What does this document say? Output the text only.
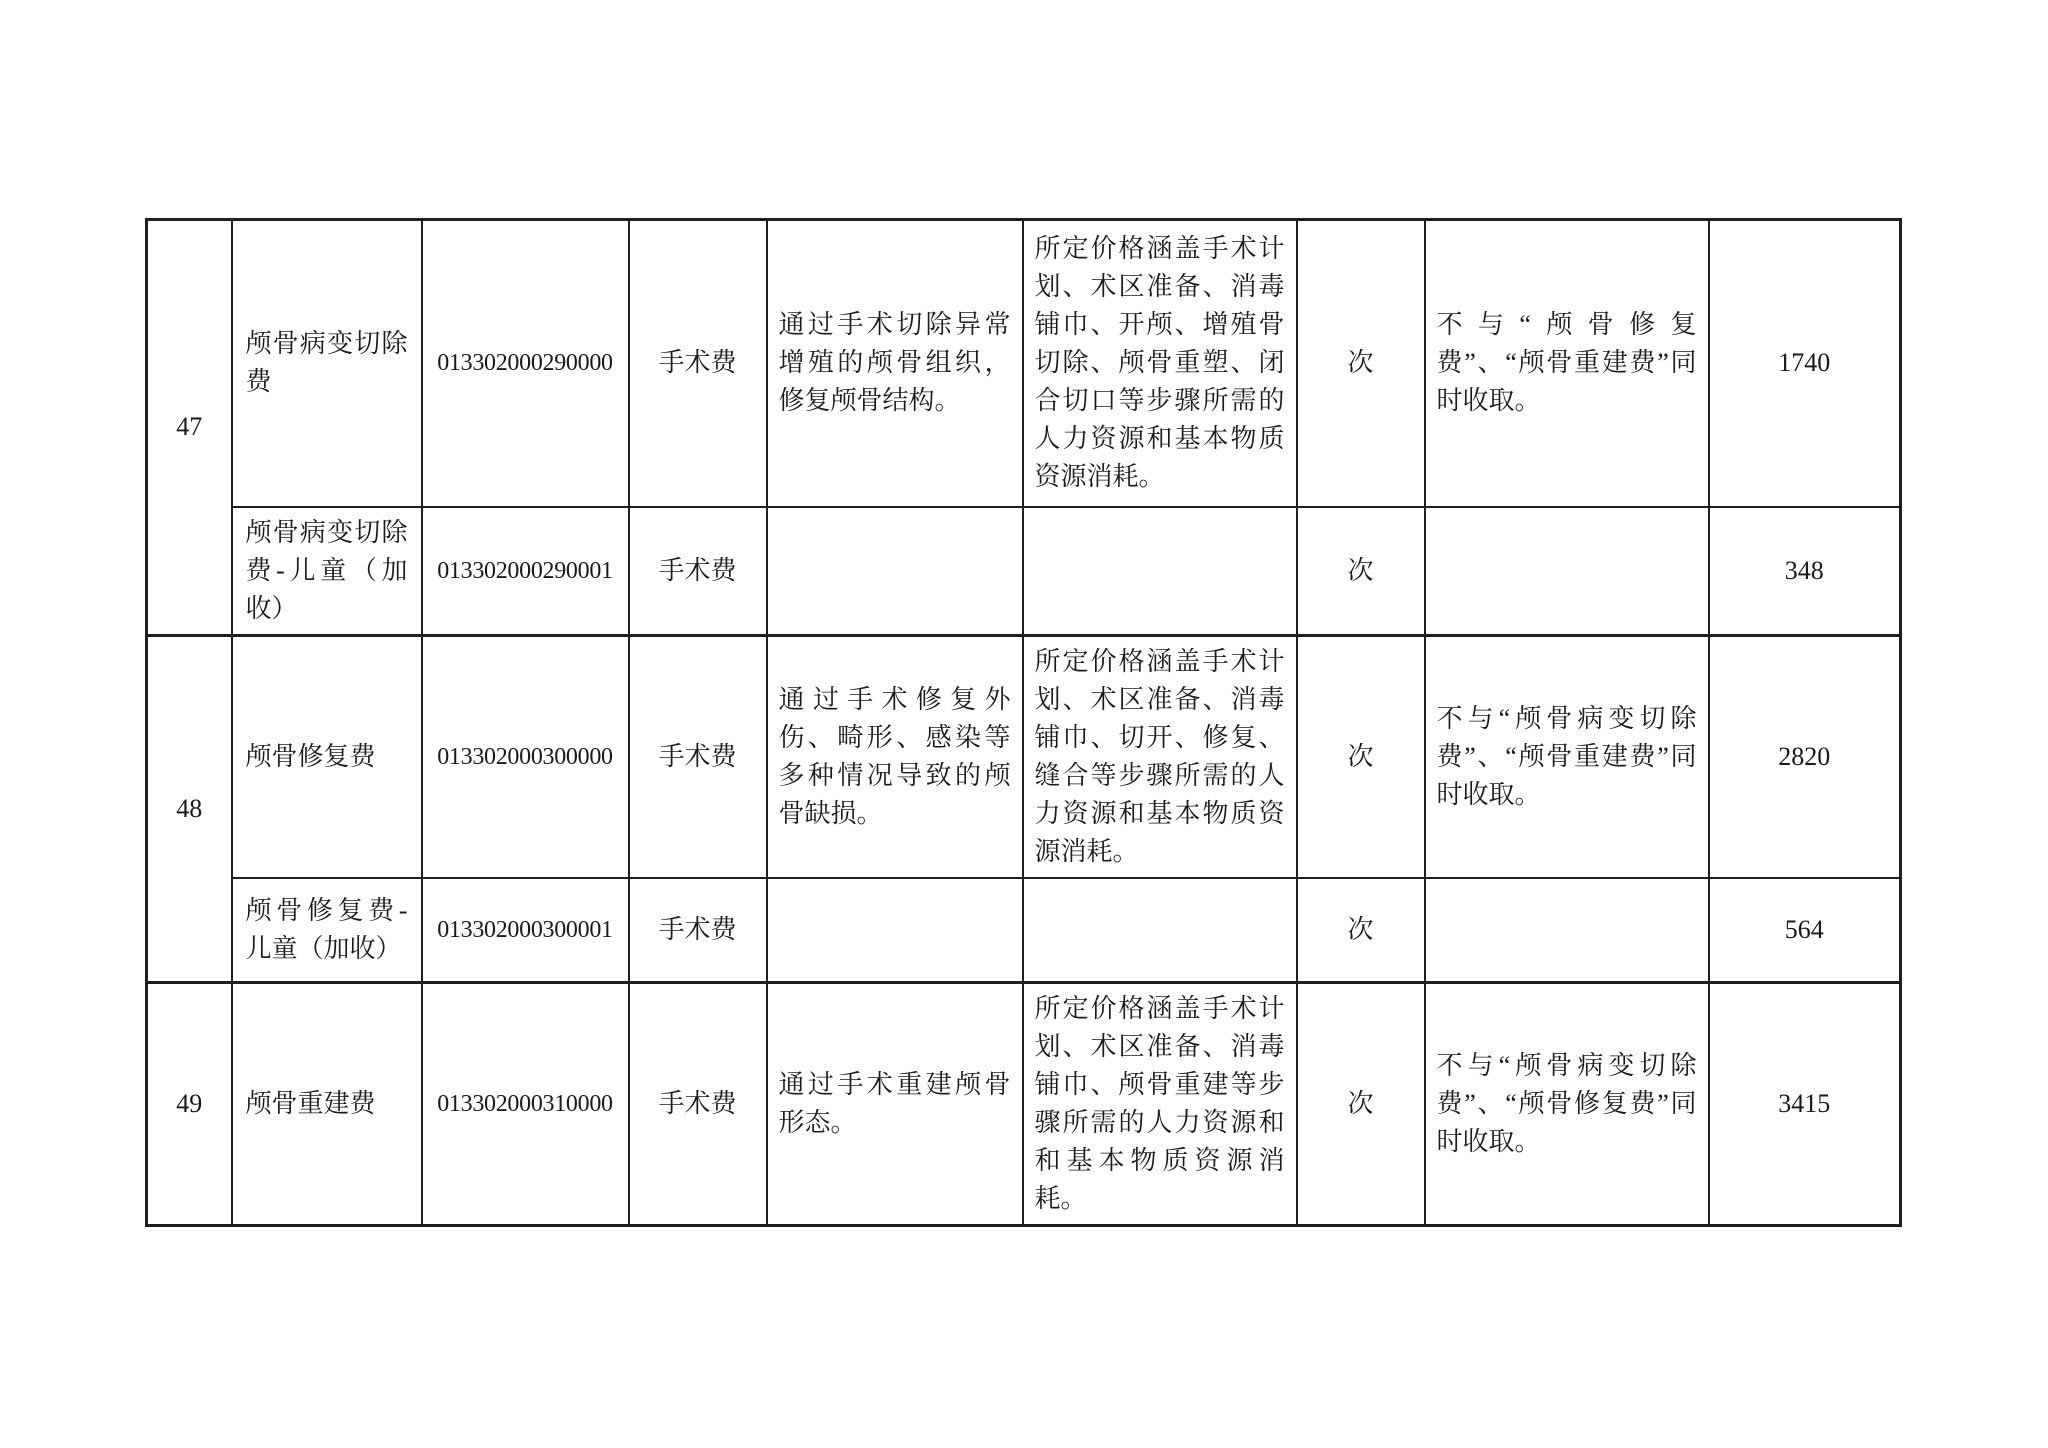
47	颅骨病变切除费	013302000290000	手术费	通过手术切除异常增殖的颅骨组织，修复颅骨结构。	所定价格涵盖手术计划、术区准备、消毒铺巾、开颅、增殖骨切除、颅骨重塑、闭合切口等步骤所需的人力资源和基本物质资源消耗。	次	不与“颅骨修复费”、“颅骨重建费”同时收取。	1740
	颅骨病变切除费-儿童（加收）	013302000290001	手术费			次		348
48	颅骨修复费	013302000300000	手术费	通过手术修复外伤、畸形、感染等多种情况导致的颅骨缺损。	所定价格涵盖手术计划、术区准备、消毒铺巾、切开、修复、缝合等步骤所需的人力资源和基本物质资源消耗。	次	不与“颅骨病变切除费”、“颅骨重建费”同时收取。	2820
	颅骨修复费-儿童（加收）	013302000300001	手术费			次		564
49	颅骨重建费	013302000310000	手术费	通过手术重建颅骨形态。	所定价格涵盖手术计划、术区准备、消毒铺巾、颅骨重建等步骤所需的人力资源和和基本物质资源消耗。	次	不与“颅骨病变切除费”、“颅骨修复费”同时收取。	3415
